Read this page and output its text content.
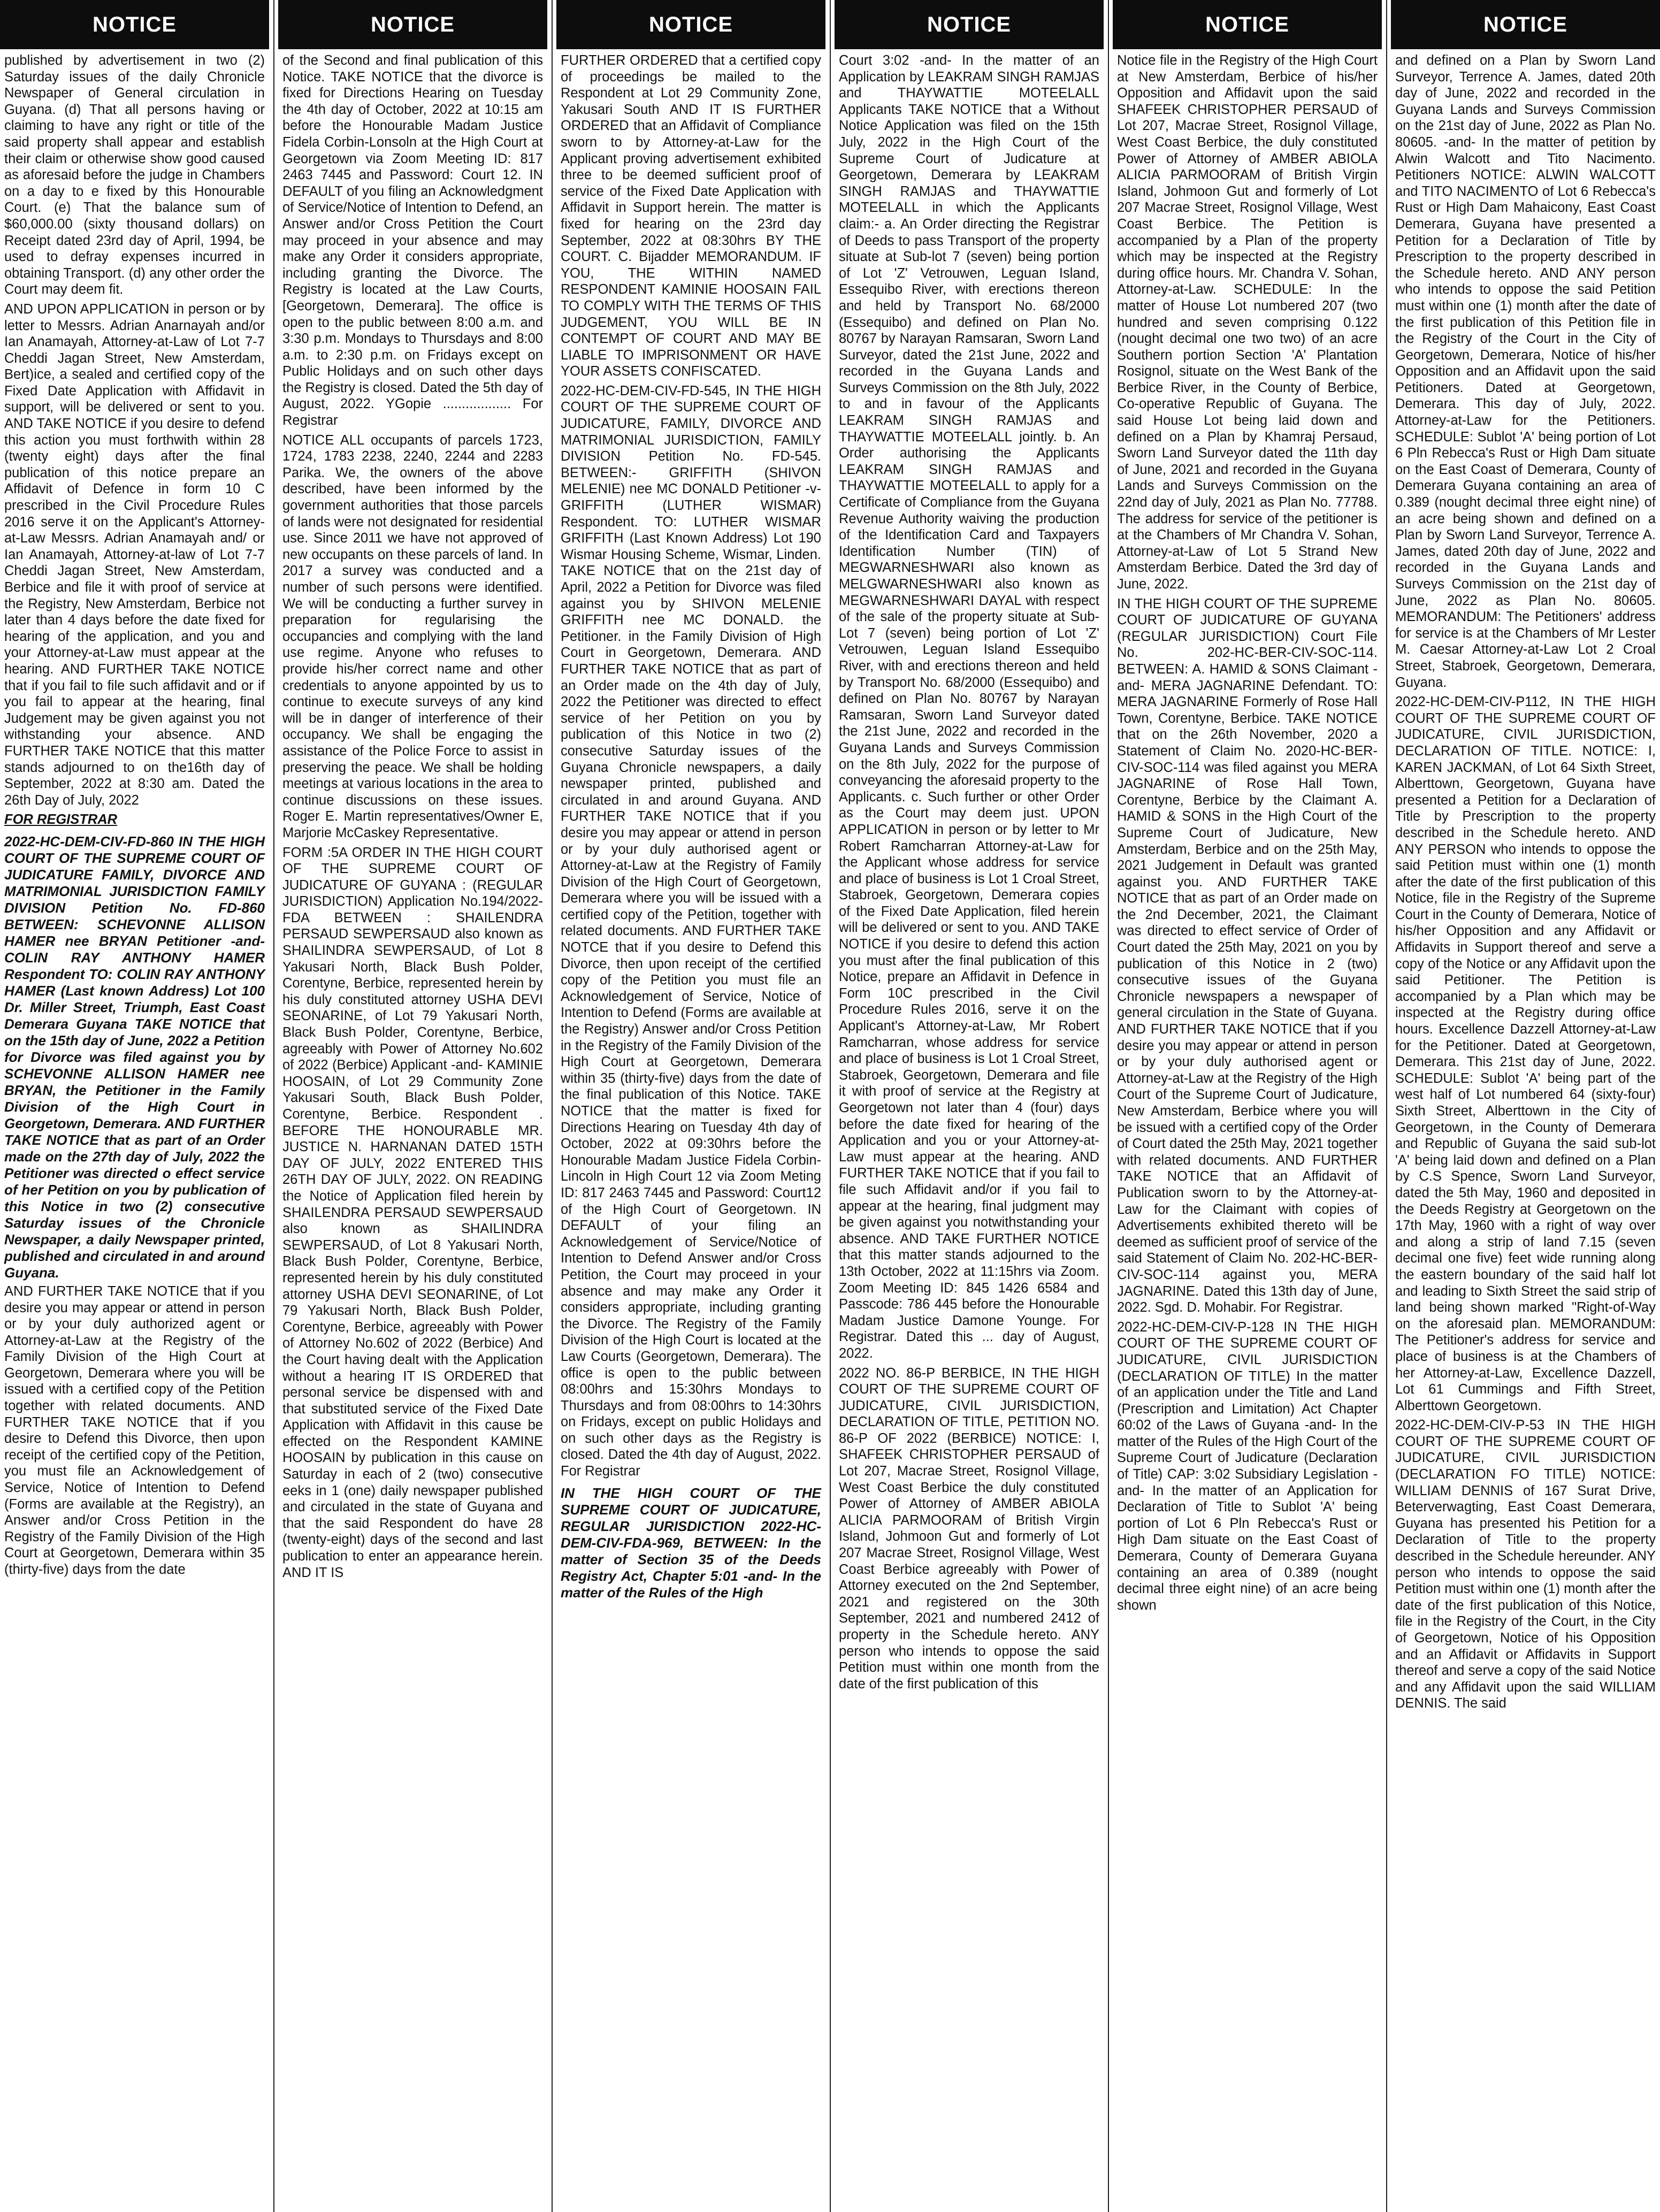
NOTICE

published by advertisement in two (2) Saturday issues of the daily Chronicle Newspaper of General circulation in Guyana. (d) That all persons having or claiming to have any right or title of the said property shall appear and establish their claim or otherwise show good caused as aforesaid before the judge in Chambers on a day to e fixed by this Honourable Court. (e) That the balance sum of $60,000.00 (sixty thousand dollars) on Receipt dated 23rd day of April, 1994, be used to defray expenses incurred in obtaining Transport. (d) any other order the Court may deem fit.

AND UPON APPLICATION in person or by letter to Messrs. Adrian Anarnayah and/or Ian Anamayah, Attorney-at-Law of Lot 7-7 Cheddi Jagan Street, New Amsterdam, Bert)ice, a sealed and certified copy of the Fixed Date Application with Affidavit in support, will be delivered or sent to you. AND TAKE NOTICE if you desire to defend this action you must forthwith within 28 (twenty eight) days after the final publication of this notice prepare an Affidavit of Defence in form 10 C prescribed in the Civil Procedure Rules 2016 serve it on the Applicant's Attorney-at-Law Messrs. Adrian Anamayah and/ or Ian Anamayah, Attorney-at-law of Lot 7-7 Cheddi Jagan Street, New Amsterdam, Berbice and file it with proof of service at the Registry, New Amsterdam, Berbice not later than 4 days before the date fixed for hearing of the application, and you and your Attorney-at-Law must appear at the hearing. AND FURTHER TAKE NOTICE that if you fail to file such affidavit and or if you fail to appear at the hearing, final Judgement may be given against you not withstanding your absence. AND FURTHER TAKE NOTICE that this matter stands adjourned to on the16th day of September, 2022 at 8:30 am. Dated the 26th Day of July, 2022

FOR REGISTRAR

2022-HC-DEM-CIV-FD-860 IN THE HIGH COURT OF THE SUPREME COURT OF JUDICATURE FAMILY, DIVORCE AND MATRIMONIAL JURISDICTION FAMILY DIVISION Petition No. FD-860 BETWEEN: SCHEVONNE ALLISON HAMER nee BRYAN Petitioner -and- COLIN RAY ANTHONY HAMER Respondent TO: COLIN RAY ANTHONY HAMER (Last known Address) Lot 100 Dr. Miller Street, Triumph, East Coast Demerara Guyana TAKE NOTICE that on the 15th day of June, 2022 a Petition for Divorce was filed against you by SCHEVONNE ALLISON HAMER nee BRYAN, the Petitioner in the Family Division of the High Court in Georgetown, Demerara. AND FURTHER TAKE NOTICE that as part of an Order made on the 27th day of July, 2022 the Petitioner was directed o effect service of her Petition on you by publication of this Notice in two (2) consecutive Saturday issues of the Chronicle Newspaper, a daily Newspaper printed, published and circulated in and around Guyana.

AND FURTHER TAKE NOTICE that if you desire you may appear or attend in person or by your duly authorized agent or Attorney-at-Law at the Registry of the Family Division of the High Court at Georgetown, Demerara where you will be issued with a certified copy of the Petition together with related documents. AND FURTHER TAKE NOTICE that if you desire to Defend this Divorce, then upon receipt of the certified copy of the Petition, you must file an Acknowledgement of Service, Notice of Intention to Defend (Forms are available at the Registry), an Answer and/or Cross Petition in the Registry of the Family Division of the High Court at Georgetown, Demerara within 35 (thirty-five) days from the date

NOTICE

of the Second and final publication of this Notice. TAKE NOTICE that the divorce is fixed for Directions Hearing on Tuesday the 4th day of October, 2022 at 10:15 am before the Honourable Madam Justice Fidela Corbin-Lonsoln at the High Court at Georgetown via Zoom Meeting ID: 817 2463 7445 and Password: Court 12. IN DEFAULT of you filing an Acknowledgment of Service/Notice of Intention to Defend, an Answer and/or Cross Petition the Court may proceed in your absence and may make any Order it considers appropriate, including granting the Divorce. The Registry is located at the Law Courts, [Georgetown, Demerara]. The office is open to the public between 8:00 a.m. and 3:30 p.m. Mondays to Thursdays and 8:00 a.m. to 2:30 p.m. on Fridays except on Public Holidays and on such other days the Registry is closed. Dated the 5th day of August, 2022. YGopie .................. For Registrar

NOTICE ALL occupants of parcels 1723, 1724, 1783 2238, 2240, 2244 and 2283 Parika. We, the owners of the above described, have been informed by the government authorities that those parcels of lands were not designated for residential use. Since 2011 we have not approved of new occupants on these parcels of land. In 2017 a survey was conducted and a number of such persons were identified. We will be conducting a further survey in preparation for regularising the occupancies and complying with the land use regime. Anyone who refuses to provide his/her correct name and other credentials to anyone appointed by us to continue to execute surveys of any kind will be in danger of interference of their occupancy. We shall be engaging the assistance of the Police Force to assist in preserving the peace. We shall be holding meetings at various locations in the area to continue discussions on these issues. Roger E. Martin representatives/Owner E, Marjorie McCaskey Representative.

FORM :5A ORDER IN THE HIGH COURT OF THE SUPREME COURT OF JUDICATURE OF GUYANA : (REGULAR JURISDICTION) Application No.194/2022-FDA BETWEEN : SHAILENDRA PERSAUD SEWPERSAUD also known as SHAILINDRA SEWPERSAUD, of Lot 8 Yakusari North, Black Bush Polder, Corentyne, Berbice, represented herein by his duly constituted attorney USHA DEVI SEONARINE, of Lot 79 Yakusari North, Black Bush Polder, Corentyne, Berbice, agreeably with Power of Attorney No.602 of 2022 (Berbice) Applicant -and- KAMINIE HOOSAIN, of Lot 29 Community Zone Yakusari South, Black Bush Polder, Corentyne, Berbice. Respondent . BEFORE THE HONOURABLE MR. JUSTICE N. HARNANAN DATED 15TH DAY OF JULY, 2022 ENTERED THIS 26TH DAY OF JULY, 2022. ON READING the Notice of Application filed herein by SHAILENDRA PERSAUD SEWPERSAUD also known as SHAILINDRA SEWPERSAUD, of Lot 8 Yakusari North, Black Bush Polder, Corentyne, Berbice, represented herein by his duly constituted attorney USHA DEVI SEONARINE, of Lot 79 Yakusari North, Black Bush Polder, Corentyne, Berbice, agreeably with Power of Attorney No.602 of 2022 (Berbice) And the Court having dealt with the Application without a hearing IT IS ORDERED that personal service be dispensed with and that substituted service of the Fixed Date Application with Affidavit in this cause be effected on the Respondent KAMINE HOOSAIN by publication in this cause on Saturday in each of 2 (two) consecutive eeks in 1 (one) daily newspaper published and circulated in the state of Guyana and that the said Respondent do have 28 (twenty-eight) days of the second and last publication to enter an appearance herein. AND IT IS

NOTICE

FURTHER ORDERED that a certified copy of proceedings be mailed to the Respondent at Lot 29 Community Zone, Yakusari South AND IT IS FURTHER ORDERED that an Affidavit of Compliance sworn to by Attorney-at-Law for the Applicant proving advertisement exhibited three to be deemed sufficient proof of service of the Fixed Date Application with Affidavit in Support herein. The matter is fixed for hearing on the 23rd day September, 2022 at 08:30hrs BY THE COURT. C. Bijadder MEMORANDUM. IF YOU, THE WITHIN NAMED RESPONDENT KAMINIE HOOSAIN FAIL TO COMPLY WITH THE TERMS OF THIS JUDGEMENT, YOU WILL BE IN CONTEMPT OF COURT AND MAY BE LIABLE TO IMPRISONMENT OR HAVE YOUR ASSETS CONFISCATED.

2022-HC-DEM-CIV-FD-545, IN THE HIGH COURT OF THE SUPREME COURT OF JUDICATURE, FAMILY, DIVORCE AND MATRIMONIAL JURISDICTION, FAMILY DIVISION Petition No. FD-545. BETWEEN:- GRIFFITH (SHIVON MELENIE) nee MC DONALD Petitioner -v- GRIFFITH (LUTHER WISMAR) Respondent. TO: LUTHER WISMAR GRIFFITH (Last Known Address) Lot 190 Wismar Housing Scheme, Wismar, Linden. TAKE NOTICE that on the 21st day of April, 2022 a Petition for Divorce was filed against you by SHIVON MELENIE GRIFFITH nee MC DONALD. the Petitioner. in the Family Division of High Court in Georgetown, Demerara. AND FURTHER TAKE NOTICE that as part of an Order made on the 4th day of July, 2022 the Petitioner was directed to effect service of her Petition on you by publication of this Notice in two (2) consecutive Saturday issues of the Guyana Chronicle newspapers, a daily newspaper printed, published and circulated in and around Guyana. AND FURTHER TAKE NOTICE that if you desire you may appear or attend in person or by your duly authorised agent or Attorney-at-Law at the Registry of Family Division of the High Court of Georgetown, Demerara where you will be issued with a certified copy of the Petition, together with related documents. AND FURTHER TAKE NOTCE that if you desire to Defend this Divorce, then upon receipt of the certified copy of the Petition you must file an Acknowledgement of Service, Notice of Intention to Defend (Forms are available at the Registry) Answer and/or Cross Petition in the Registry of the Family Division of the High Court at Georgetown, Demerara within 35 (thirty-five) days from the date of the final publication of this Notice. TAKE NOTICE that the matter is fixed for Directions Hearing on Tuesday 4th day of October, 2022 at 09:30hrs before the Honourable Madam Justice Fidela Corbin-Lincoln in High Court 12 via Zoom Meting ID: 817 2463 7445 and Password: Court12 of the High Court of Georgetown. IN DEFAULT of your filing an Acknowledgement of Service/Notice of Intention to Defend Answer and/or Cross Petition, the Court may proceed in your absence and may make any Order it considers appropriate, including granting the Divorce. The Registry of the Family Division of the High Court is located at the Law Courts (Georgetown, Demerara). The office is open to the public between 08:00hrs and 15:30hrs Mondays to Thursdays and from 08:00hrs to 14:30hrs on Fridays, except on public Holidays and on such other days as the Registry is closed. Dated the 4th day of August, 2022. For Registrar

IN THE HIGH COURT OF THE SUPREME COURT OF JUDICATURE, REGULAR JURISDICTION 2022-HC-DEM-CIV-FDA-969, BETWEEN: In the matter of Section 35 of the Deeds Registry Act, Chapter 5:01 -and- In the matter of the Rules of the High

NOTICE

Court 3:02 -and- In the matter of an Application by LEAKRAM SINGH RAMJAS and THAYWATTIE MOTEELALL Applicants TAKE NOTICE that a Without Notice Application was filed on the 15th July, 2022 in the High Court of the Supreme Court of Judicature at Georgetown, Demerara by LEAKRAM SINGH RAMJAS and THAYWATTIE MOTEELALL in which the Applicants claim:- a. An Order directing the Registrar of Deeds to pass Transport of the property situate at Sub-lot 7 (seven) being portion of Lot 'Z' Vetrouwen, Leguan Island, Essequibo River, with erections thereon and held by Transport No. 68/2000 (Essequibo) and defined on Plan No. 80767 by Narayan Ramsaran, Sworn Land Surveyor, dated the 21st June, 2022 and recorded in the Guyana Lands and Surveys Commission on the 8th July, 2022 to and in favour of the Applicants LEAKRAM SINGH RAMJAS and THAYWATTIE MOTEELALL jointly. b. An Order authorising the Applicants LEAKRAM SINGH RAMJAS and THAYWATTIE MOTEELALL to apply for a Certificate of Compliance from the Guyana Revenue Authority waiving the production of the Identification Card and Taxpayers Identification Number (TIN) of MEGWARNESHWARI also known as MELGWARNESHWARI also known as MEGWARNESHWARI DAYAL with respect of the sale of the property situate at Sub-Lot 7 (seven) being portion of Lot 'Z' Vetrouwen, Leguan Island Essequibo River, with and erections thereon and held by Transport No. 68/2000 (Essequibo) and defined on Plan No. 80767 by Narayan Ramsaran, Sworn Land Surveyor dated the 21st June, 2022 and recorded in the Guyana Lands and Surveys Commission on the 8th July, 2022 for the purpose of conveyancing the aforesaid property to the Applicants. c. Such further or other Order as the Court may deem just. UPON APPLICATION in person or by letter to Mr Robert Ramcharran Attorney-at-Law for the Applicant whose address for service and place of business is Lot 1 Croal Street, Stabroek, Georgetown, Demerara copies of the Fixed Date Application, filed herein will be delivered or sent to you. AND TAKE NOTICE if you desire to defend this action you must after the final publication of this Notice, prepare an Affidavit in Defence in Form 10C prescribed in the Civil Procedure Rules 2016, serve it on the Applicant's Attorney-at-Law, Mr Robert Ramcharran, whose address for service and place of business is Lot 1 Croal Street, Stabroek, Georgetown, Demerara and file it with proof of service at the Registry at Georgetown not later than 4 (four) days before the date fixed for hearing of the Application and you or your Attorney-at-Law must appear at the hearing. AND FURTHER TAKE NOTICE that if you fail to file such Affidavit and/or if you fail to appear at the hearing, final judgment may be given against you notwithstanding your absence. AND TAKE FURTHER NOTICE that this matter stands adjourned to the 13th October, 2022 at 11:15hrs via Zoom. Zoom Meeting ID: 845 1426 6584 and Passcode: 786 445 before the Honourable Madam Justice Damone Younge. For Registrar. Dated this ... day of August, 2022.

2022 NO. 86-P BERBICE, IN THE HIGH COURT OF THE SUPREME COURT OF JUDICATURE, CIVIL JURISDICTION, DECLARATION OF TITLE, PETITION NO. 86-P OF 2022 (BERBICE) NOTICE: I, SHAFEEK CHRISTOPHER PERSAUD of Lot 207, Macrae Street, Rosignol Village, West Coast Berbice the duly constituted Power of Attorney of AMBER ABIOLA ALICIA PARMOORAM of British Virgin Island, Johmoon Gut and formerly of Lot 207 Macrae Street, Rosignol Village, West Coast Berbice agreeably with Power of Attorney executed on the 2nd September, 2021 and registered on the 30th September, 2021 and numbered 2412 of property in the Schedule hereto. ANY person who intends to oppose the said Petition must within one month from the date of the first publication of this

NOTICE

Notice file in the Registry of the High Court at New Amsterdam, Berbice of his/her Opposition and Affidavit upon the said SHAFEEK CHRISTOPHER PERSAUD of Lot 207, Macrae Street, Rosignol Village, West Coast Berbice, the duly constituted Power of Attorney of AMBER ABIOLA ALICIA PARMOORAM of British Virgin Island, Johmoon Gut and formerly of Lot 207 Macrae Street, Rosignol Village, West Coast Berbice. The Petition is accompanied by a Plan of the property which may be inspected at the Registry during office hours. Mr. Chandra V. Sohan, Attorney-at-Law. SCHEDULE: In the matter of House Lot numbered 207 (two hundred and seven comprising 0.122 (nought decimal one two two) of an acre Southern portion Section 'A' Plantation Rosignol, situate on the West Bank of the Berbice River, in the County of Berbice, Co-operative Republic of Guyana. The said House Lot being laid down and defined on a Plan by Khamraj Persaud, Sworn Land Surveyor dated the 11th day of June, 2021 and recorded in the Guyana Lands and Surveys Commission on the 22nd day of July, 2021 as Plan No. 77788. The address for service of the petitioner is at the Chambers of Mr Chandra V. Sohan, Attorney-at-Law of Lot 5 Strand New Amsterdam Berbice. Dated the 3rd day of June, 2022.

IN THE HIGH COURT OF THE SUPREME COURT OF JUDICATURE OF GUYANA (REGULAR JURISDICTION) Court File No. 202-HC-BER-CIV-SOC-114. BETWEEN: A. HAMID & SONS Claimant -and- MERA JAGNARINE Defendant. TO: MERA JAGNARINE Formerly of Rose Hall Town, Corentyne, Berbice. TAKE NOTICE that on the 26th November, 2020 a Statement of Claim No. 2020-HC-BER-CIV-SOC-114 was filed against you MERA JAGNARINE of Rose Hall Town, Corentyne, Berbice by the Claimant A. HAMID & SONS in the High Court of the Supreme Court of Judicature, New Amsterdam, Berbice and on the 25th May, 2021 Judgement in Default was granted against you. AND FURTHER TAKE NOTICE that as part of an Order made on the 2nd December, 2021, the Claimant was directed to effect service of Order of Court dated the 25th May, 2021 on you by publication of this Notice in 2 (two) consecutive issues of the Guyana Chronicle newspapers a newspaper of general circulation in the State of Guyana. AND FURTHER TAKE NOTICE that if you desire you may appear or attend in person or by your duly authorised agent or Attorney-at-Law at the Registry of the High Court of the Supreme Court of Judicature, New Amsterdam, Berbice where you will be issued with a certified copy of the Order of Court dated the 25th May, 2021 together with related documents. AND FURTHER TAKE NOTICE that an Affidavit of Publication sworn to by the Attorney-at-Law for the Claimant with copies of Advertisements exhibited thereto will be deemed as sufficient proof of service of the said Statement of Claim No. 202-HC-BER-CIV-SOC-114 against you, MERA JAGNARINE. Dated this 13th day of June, 2022. Sgd. D. Mohabir. For Registrar.

2022-HC-DEM-CIV-P-128 IN THE HIGH COURT OF THE SUPREME COURT OF JUDICATURE, CIVIL JURISDICTION (DECLARATION OF TITLE) In the matter of an application under the Title and Land (Prescription and Limitation) Act Chapter 60:02 of the Laws of Guyana -and- In the matter of the Rules of the High Court of the Supreme Court of Judicature (Declaration of Title) CAP: 3:02 Subsidiary Legislation -and- In the matter of an Application for Declaration of Title to Sublot 'A' being portion of Lot 6 Pln Rebecca's Rust or High Dam situate on the East Coast of Demerara, County of Demerara Guyana containing an area of 0.389 (nought decimal three eight nine) of an acre being shown

NOTICE

and defined on a Plan by Sworn Land Surveyor, Terrence A. James, dated 20th day of June, 2022 and recorded in the Guyana Lands and Surveys Commission on the 21st day of June, 2022 as Plan No. 80605. -and- In the matter of petition by Alwin Walcott and Tito Nacimento. Petitioners NOTICE: ALWIN WALCOTT and TITO NACIMENTO of Lot 6 Rebecca's Rust or High Dam Mahaicony, East Coast Demerara, Guyana have presented a Petition for a Declaration of Title by Prescription to the property described in the Schedule hereto. AND ANY person who intends to oppose the said Petition must within one (1) month after the date of the first publication of this Petition file in the Registry of the Court in the City of Georgetown, Demerara, Notice of his/her Opposition and an Affidavit upon the said Petitioners. Dated at Georgetown, Demerara. This day of July, 2022. Attorney-at-Law for the Petitioners. SCHEDULE: Sublot 'A' being portion of Lot 6 Pln Rebecca's Rust or High Dam situate on the East Coast of Demerara, County of Demerara Guyana containing an area of 0.389 (nought decimal three eight nine) of an acre being shown and defined on a Plan by Sworn Land Surveyor, Terrence A. James, dated 20th day of June, 2022 and recorded in the Guyana Lands and Surveys Commission on the 21st day of June, 2022 as Plan No. 80605. MEMORANDUM: The Petitioners' address for service is at the Chambers of Mr Lester M. Caesar Attorney-at-Law Lot 2 Croal Street, Stabroek, Georgetown, Demerara, Guyana.

2022-HC-DEM-CIV-P112, IN THE HIGH COURT OF THE SUPREME COURT OF JUDICATURE, CIVIL JURISDICTION, DECLARATION OF TITLE. NOTICE: I, KAREN JACKMAN, of Lot 64 Sixth Street, Alberttown, Georgetown, Guyana have presented a Petition for a Declaration of Title by Prescription to the property described in the Schedule hereto. AND ANY PERSON who intends to oppose the said Petition must within one (1) month after the date of the first publication of this Notice, file in the Registry of the Supreme Court in the County of Demerara, Notice of his/her Opposition and any Affidavit or Affidavits in Support thereof and serve a copy of the Notice or any Affidavit upon the said Petitioner. The Petition is accompanied by a Plan which may be inspected at the Registry during office hours. Excellence Dazzell Attorney-at-Law for the Petitioner. Dated at Georgetown, Demerara. This 21st day of June, 2022. SCHEDULE: Sublot 'A' being part of the west half of Lot numbered 64 (sixty-four) Sixth Street, Alberttown in the City of Georgetown, in the County of Demerara and Republic of Guyana the said sub-lot 'A' being laid down and defined on a Plan by C.S Spence, Sworn Land Surveyor, dated the 5th May, 1960 and deposited in the Deeds Registry at Georgetown on the 17th May, 1960 with a right of way over and along a strip of land 7.15 (seven decimal one five) feet wide running along the eastern boundary of the said half lot and leading to Sixth Street the said strip of land being shown marked "Right-of-Way on the aforesaid plan. MEMORANDUM: The Petitioner's address for service and place of business is at the Chambers of her Attorney-at-Law, Excellence Dazzell, Lot 61 Cummings and Fifth Street, Alberttown Georgetown.

2022-HC-DEM-CIV-P-53 IN THE HIGH COURT OF THE SUPREME COURT OF JUDICATURE, CIVIL JURISDICTION (DECLARATION FO TITLE) NOTICE: WILLIAM DENNIS of 167 Surat Drive, Beterverwagting, East Coast Demerara, Guyana has presented his Petition for a Declaration of Title to the property described in the Schedule hereunder. ANY person who intends to oppose the said Petition must within one (1) month after the date of the first publication of this Notice, file in the Registry of the Court, in the City of Georgetown, Notice of his Opposition and an Affidavit or Affidavits in Support thereof and serve a copy of the said Notice and any Affidavit upon the said WILLIAM DENNIS. The said
